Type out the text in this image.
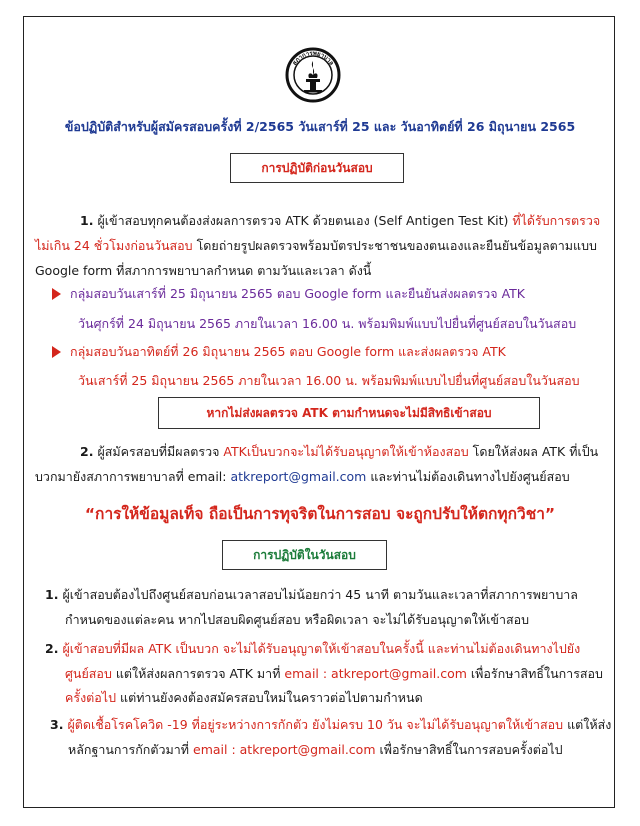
สภาการพยาบาล
ข้อปฏิบัติสำหรับผู้สมัครสอบครั้งที่ 2/2565 วันเสาร์ที่ 25 และ วันอาทิตย์ที่ 26 มิถุนายน 2565
การปฏิบัติก่อนวันสอบ
1. ผู้เข้าสอบทุกคนต้องส่งผลการตรวจ ATK ด้วยตนเอง (Self Antigen Test Kit) ที่ได้รับการตรวจ
ไม่เกิน 24 ชั่วโมงก่อนวันสอบ โดยถ่ายรูปผลตรวจพร้อมบัตรประชาชนของตนเองและยืนยันข้อมูลตามแบบ
Google form ที่สภาการพยาบาลกำหนด ตามวันและเวลา ดังนี้
กลุ่มสอบวันเสาร์ที่ 25 มิถุนายน 2565 ตอบ Google form และยืนยันส่งผลตรวจ ATK
วันศุกร์ที่ 24 มิถุนายน 2565 ภายในเวลา 16.00 น. พร้อมพิมพ์แบบไปยื่นที่ศูนย์สอบในวันสอบ
กลุ่มสอบวันอาทิตย์ที่ 26 มิถุนายน 2565 ตอบ Google form และส่งผลตรวจ ATK
วันเสาร์ที่ 25 มิถุนายน 2565 ภายในเวลา 16.00 น. พร้อมพิมพ์แบบไปยื่นที่ศูนย์สอบในวันสอบ
หากไม่ส่งผลตรวจ ATK ตามกำหนดจะไม่มีสิทธิเข้าสอบ
2. ผู้สมัครสอบที่มีผลตรวจ ATKเป็นบวกจะไม่ได้รับอนุญาตให้เข้าห้องสอบ โดยให้ส่งผล ATK ที่เป็น
บวกมายังสภาการพยาบาลที่ email: atkreport@gmail.com และท่านไม่ต้องเดินทางไปยังศูนย์สอบ
“การให้ข้อมูลเท็จ ถือเป็นการทุจริตในการสอบ จะถูกปรับให้ตกทุกวิชา”
การปฏิบัติในวันสอบ
1. ผู้เข้าสอบต้องไปถึงศูนย์สอบก่อนเวลาสอบไม่น้อยกว่า 45 นาที ตามวันและเวลาที่สภาการพยาบาล
กำหนดของแต่ละคน หากไปสอบผิดศูนย์สอบ หรือผิดเวลา จะไม่ได้รับอนุญาตให้เข้าสอบ
2. ผู้เข้าสอบที่มีผล ATK เป็นบวก จะไม่ได้รับอนุญาตให้เข้าสอบในครั้งนี้ และท่านไม่ต้องเดินทางไปยัง
ศูนย์สอบ แต่ให้ส่งผลการตรวจ ATK มาที่ email : atkreport@gmail.com เพื่อรักษาสิทธิ์ในการสอบ
ครั้งต่อไป แต่ท่านยังคงต้องสมัครสอบใหม่ในคราวต่อไปตามกำหนด
3. ผู้ติดเชื้อโรคโควิด -19 ที่อยู่ระหว่างการกักตัว ยังไม่ครบ 10 วัน จะไม่ได้รับอนุญาตให้เข้าสอบ แต่ให้ส่ง
หลักฐานการกักตัวมาที่ email : atkreport@gmail.com เพื่อรักษาสิทธิ์ในการสอบครั้งต่อไป
